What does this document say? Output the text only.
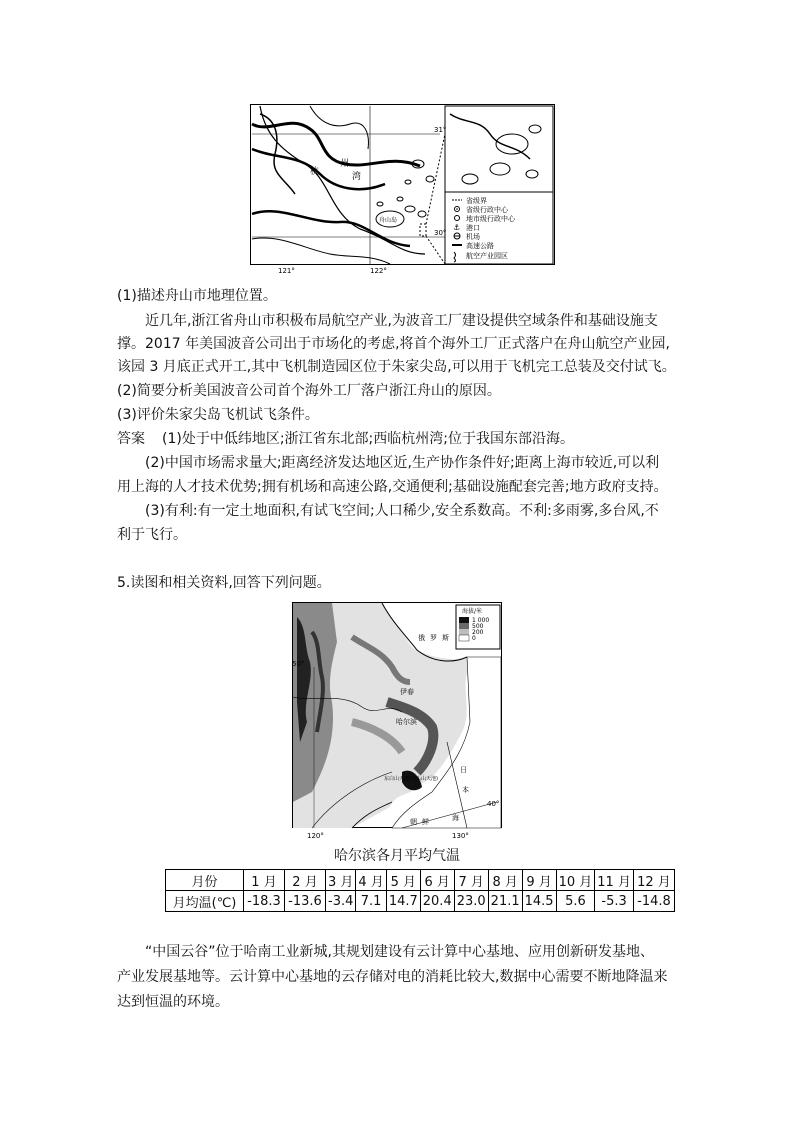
省级界
省级行政中心
地市级行政中心
⚓ 港口
机场
高速公路
航空产业园区
31°
30°
121°	122°
杭
州
湾
舟山岛
(1)描述舟山市地理位置。
近几年,浙江省舟山市积极布局航空产业,为波音工厂建设提供空域条件和基础设施支
撑。2017 年美国波音公司出于市场化的考虑,将首个海外工厂正式落户在舟山航空产业园,
该园 3 月底正式开工,其中飞机制造园区位于朱家尖岛,可以用于飞机完工总装及交付试飞。
(2)简要分析美国波音公司首个海外工厂落户浙江舟山的原因。
(3)评价朱家尖岛飞机试飞条件。
答案 (1)处于中低纬地区;浙江省东北部;西临杭州湾;位于我国东部沿海。
(2)中国市场需求量大;距离经济发达地区近,生产协作条件好;距离上海市较近,可以利
用上海的人才技术优势;拥有机场和高速公路,交通便利;基础设施配套完善;地方政府支持。
(3)有利:有一定土地面积,有试飞空间;人口稀少,安全系数高。不利:多雨雾,多台风,不
利于飞行。
5.读图和相关资料,回答下列问题。
海拔/米
1 000
500
200
0
50°
40°
120°	130°
俄 罗 斯
伊春
哈尔滨
东白山天池(白头山天池)
朝 鲜
日
本
海
哈尔滨各月平均气温
月份	1 月	2 月	3 月	4 月	5 月	6 月	7 月	8 月	9 月	10 月	11 月	12 月
月均温(℃)	-18.3	-13.6	-3.4	7.1	14.7	20.4	23.0	21.1	14.5	5.6	-5.3	-14.8
“中国云谷”位于哈南工业新城,其规划建设有云计算中心基地、应用创新研发基地、
产业发展基地等。云计算中心基地的云存储对电的消耗比较大,数据中心需要不断地降温来
达到恒温的环境。
